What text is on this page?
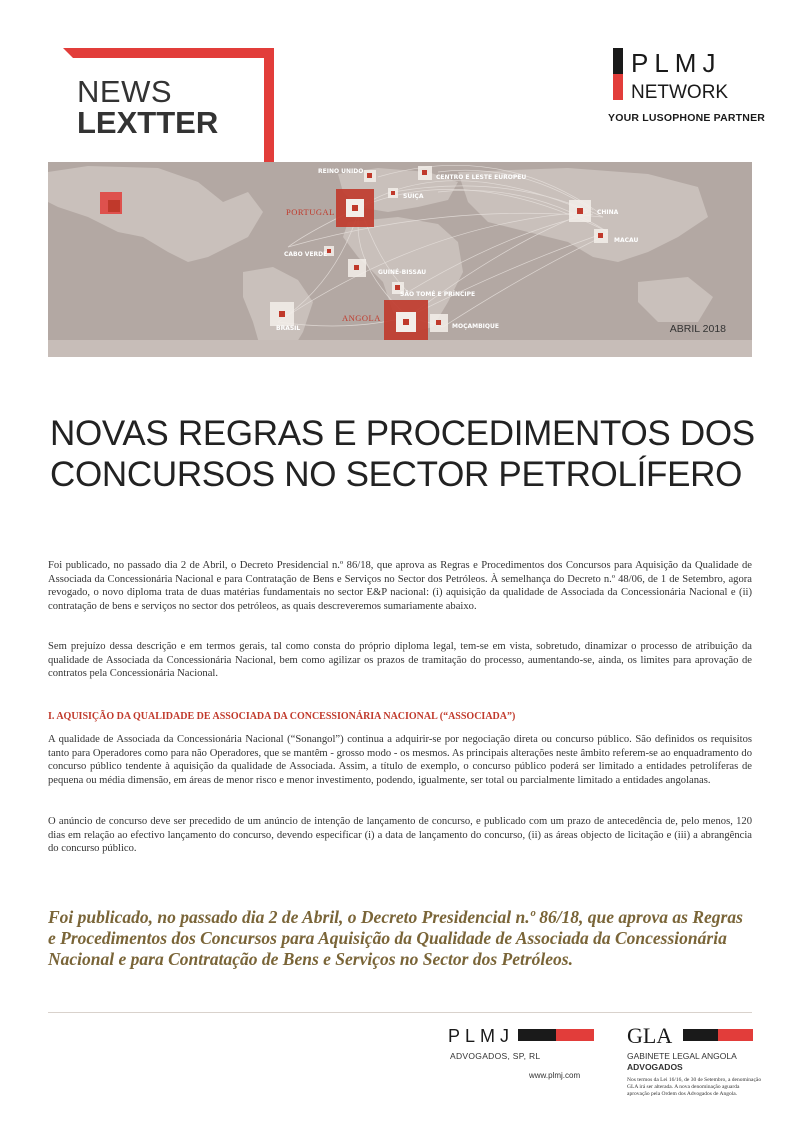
NEWS
LEXTTER
PLMJ
NETWORK
YOUR LUSOPHONE PARTNER
REINO UNIDO
CENTRO E LESTE EUROPEU
PORTUGAL
SUIÇA
CHINA
MACAU
CABO VERDE
GUINÉ-BISSAU
SÃO TOMÉ E PRÍNCIPE
ANGOLA
BRASIL	MOÇAMBIQUE	ABRIL 2018
NOVAS REGRAS E PROCEDIMENTOS DOS
CONCURSOS NO SECTOR PETROLÍFERO
Foi publicado, no passado dia 2 de Abril, o Decreto Presidencial n.º 86/18, que aprova as Regras e Procedimentos dos Concursos para Aquisição da Qualidade de Associada da Concessionária Nacional e para Contratação de Bens e Serviços no Sector dos Petróleos. À semelhança do Decreto n.º 48/06, de 1 de Setembro, agora revogado, o novo diploma trata de duas matérias fundamentais no sector E&P nacional: (i) aquisição da qualidade de Associada da Concessionária Nacional e (ii) contratação de bens e serviços no sector dos petróleos, as quais descreveremos sumariamente abaixo.
Sem prejuízo dessa descrição e em termos gerais, tal como consta do próprio diploma legal, tem-se em vista, sobretudo, dinamizar o processo de atribuição da qualidade de Associada da Concessionária Nacional, bem como agilizar os prazos de tramitação do processo, aumentando-se, ainda, os limites para aprovação de contratos pela Concessionária Nacional.
I. AQUISIÇÃO DA QUALIDADE DE ASSOCIADA DA CONCESSIONÁRIA NACIONAL (“ASSOCIADA”)
A qualidade de Associada da Concessionária Nacional (“Sonangol”) continua a adquirir-se por negociação direta ou concurso público. São definidos os requisitos tanto para Operadores como para não Operadores, que se mantêm - grosso modo - os mesmos. As principais alterações neste âmbito referem-se ao enquadramento do concurso público tendente à aquisição da qualidade de Associada. Assim, a título de exemplo, o concurso público poderá ser limitado a entidades petrolíferas de pequena ou média dimensão, em áreas de menor risco e menor investimento, podendo, igualmente, ser total ou parcialmente limitado a entidades angolanas.
O anúncio de concurso deve ser precedido de um anúncio de intenção de lançamento de concurso, e publicado com um prazo de antecedência de, pelo menos, 120 dias em relação ao efectivo lançamento do concurso, devendo especificar (i) a data de lançamento do concurso, (ii) as áreas objecto de licitação e (iii) a abrangência do concurso público.
Foi publicado, no passado dia 2 de Abril, o Decreto Presidencial n.º 86/18, que aprova as Regras e Procedimentos dos Concursos para Aquisição da Qualidade de Associada da Concessionária Nacional e para Contratação de Bens e Serviços no Sector dos Petróleos.
PLMJ
ADVOGADOS, SP, RL
www.plmj.com
GLA
GABINETE LEGAL ANGOLA
ADVOGADOS
Nos termos da Lei 16/16, de 30 de Setembro, a denominação GLA irá ser alterada. A nova denominação aguarda aprovação pela Ordem dos Advogados de Angola.
